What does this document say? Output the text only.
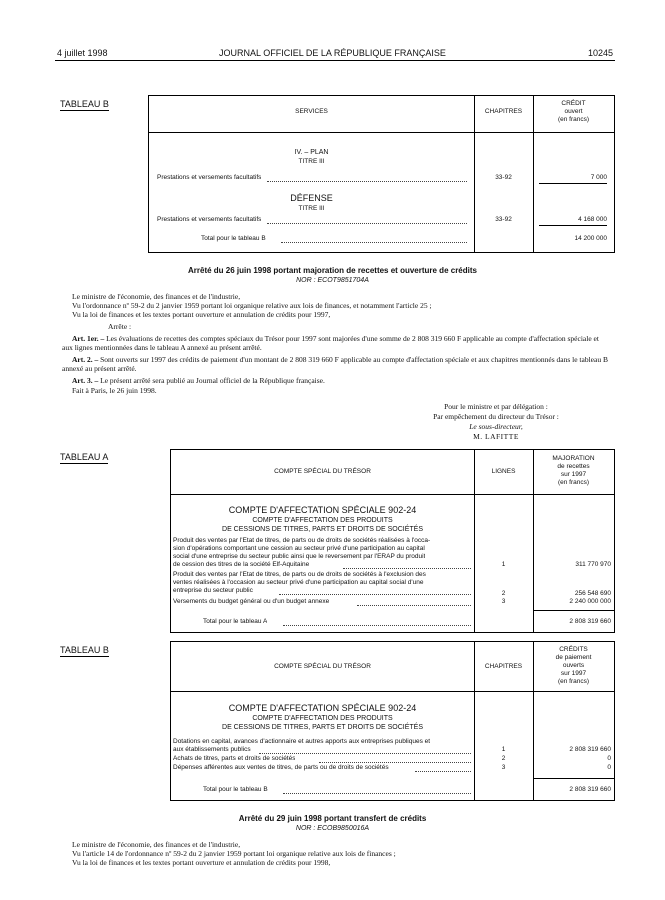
4 juillet 1998	JOURNAL OFFICIEL DE LA RÉPUBLIQUE FRANÇAISE	10245
TABLEAU B
SERVICES	CHAPITRES
CRÉDIT
ouvert
(en francs)
IV. – PLAN
TITRE III
Prestations et versements facultatifs	33-92	7 000
DÉFENSE
TITRE III
Prestations et versements facultatifs	33-92	4 168 000
Total pour le tableau B	14 200 000
Arrêté du 26 juin 1998 portant majoration de recettes et ouverture de crédits
NOR : ECOT9851704A
Le ministre de l'économie, des finances et de l'industrie,
Vu l'ordonnance nº 59-2 du 2 janvier 1959 portant loi organique relative aux lois de finances, et notamment l'article 25 ;
Vu la loi de finances et les textes portant ouverture et annulation de crédits pour 1997,
Arrête :
Art. 1er. – Les évaluations de recettes des comptes spéciaux du Trésor pour 1997 sont majorées d'une somme de 2 808 319 660 F applicable au compte d'affectation spéciale et aux lignes mentionnées dans le tableau A annexé au présent arrêté.
Art. 2. – Sont ouverts sur 1997 des crédits de paiement d'un montant de 2 808 319 660 F applicable au compte d'affectation spéciale et aux chapitres mentionnés dans le tableau B annexé au présent arrêté.
Art. 3. – Le présent arrêté sera publié au Journal officiel de la République française.
Fait à Paris, le 26 juin 1998.
Pour le ministre et par délégation :
Par empêchement du directeur du Trésor :
Le sous-directeur,
M. LAFITTE
TABLEAU A
COMPTE SPÉCIAL DU TRÉSOR	LIGNES
MAJORATION
de recettes
sur 1997
(en francs)
COMPTE D'AFFECTATION SPÉCIALE 902-24
COMPTE D'AFFECTATION DES PRODUITS
DE CESSIONS DE TITRES, PARTS ET DROITS DE SOCIÉTÉS
Produit des ventes par l'Etat de titres, de parts ou de droits de sociétés réalisées à l'occa-
sion d'opérations comportant une cession au secteur privé d'une participation au capital
social d'une entreprise du secteur public ainsi que le reversement par l'ERAP du produit
de cession des titres de la société Elf-Aquitaine	1	311 770 970
Produit des ventes par l'Etat de titres, de parts ou de droits de sociétés à l'exclusion des
ventes réalisées à l'occasion au secteur privé d'une participation au capital social d'une
entreprise du secteur public	2	256 548 690
Versements du budget général ou d'un budget annexe	3	2 240 000 000
Total pour le tableau A	2 808 319 660
TABLEAU B
COMPTE SPÉCIAL DU TRÉSOR	CHAPITRES
CRÉDITS
de paiement
ouverts
sur 1997
(en francs)
COMPTE D'AFFECTATION SPÉCIALE 902-24
COMPTE D'AFFECTATION DES PRODUITS
DE CESSIONS DE TITRES, PARTS ET DROITS DE SOCIÉTÉS
Dotations en capital, avances d'actionnaire et autres apports aux entreprises publiques et
aux établissements publics	1	2 808 319 660
Achats de titres, parts et droits de sociétés	2	0
Dépenses afférentes aux ventes de titres, de parts ou de droits de sociétés	3	0
Total pour le tableau B	2 808 319 660
Arrêté du 29 juin 1998 portant transfert de crédits
NOR : ECOB9850016A
Le ministre de l'économie, des finances et de l'industrie,
Vu l'article 14 de l'ordonnance nº 59-2 du 2 janvier 1959 portant loi organique relative aux lois de finances ;
Vu la loi de finances et les textes portant ouverture et annulation de crédits pour 1998,
